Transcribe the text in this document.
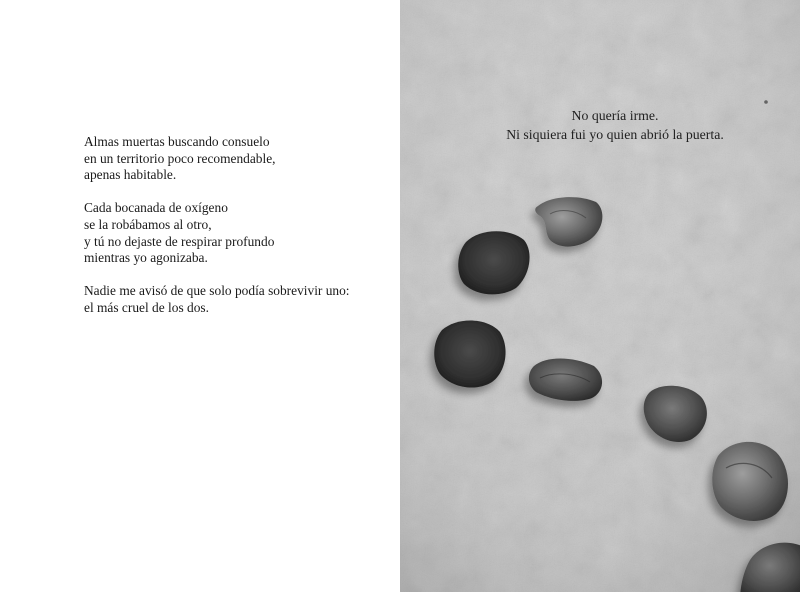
Almas muertas buscando consuelo
en un territorio poco recomendable,
apenas habitable.

Cada bocanada de oxígeno
se la robábamos al otro,
y tú no dejaste de respirar profundo
mientras yo agonizaba.

Nadie me avisó de que solo podía sobrevivir uno:
el más cruel de los dos.

No quería irme.
Ni siquiera fui yo quien abrió la puerta.
